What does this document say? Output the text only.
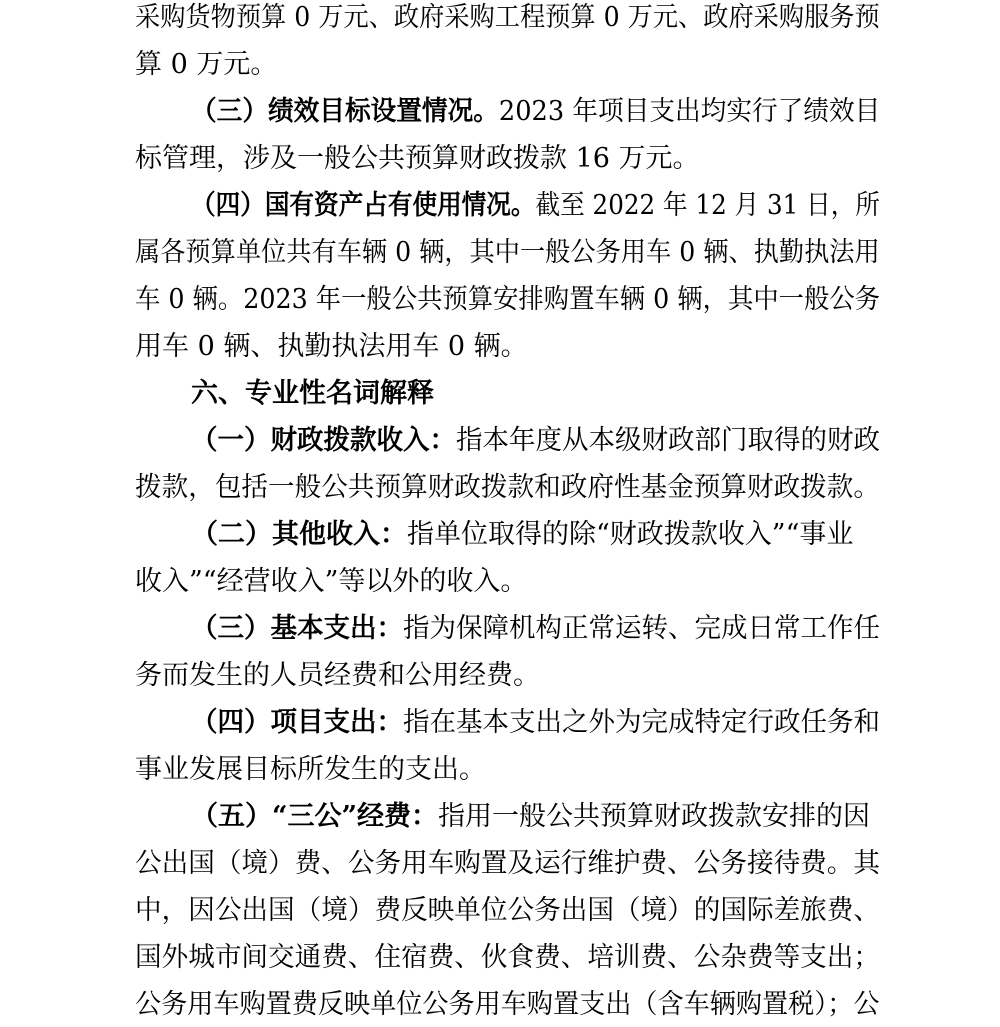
采购货物预算 0 万元、政府采购工程预算 0 万元、政府采购服务预
算 0 万元。
（三）绩效目标设置情况。2023 年项目支出均实行了绩效目
标管理，涉及一般公共预算财政拨款 16 万元。
（四）国有资产占有使用情况。截至 2022 年 12 月 31 日，所
属各预算单位共有车辆 0 辆，其中一般公务用车 0 辆、执勤执法用
车 0 辆。2023 年一般公共预算安排购置车辆 0 辆，其中一般公务
用车 0 辆、执勤执法用车 0 辆。
六、专业性名词解释
（一）财政拨款收入：指本年度从本级财政部门取得的财政
拨款，包括一般公共预算财政拨款和政府性基金预算财政拨款。
（二）其他收入：指单位取得的除“财政拨款收入”“事业
收入”“经营收入”等以外的收入。
（三）基本支出：指为保障机构正常运转、完成日常工作任
务而发生的人员经费和公用经费。
（四）项目支出：指在基本支出之外为完成特定行政任务和
事业发展目标所发生的支出。
（五）“三公”经费：指用一般公共预算财政拨款安排的因
公出国（境）费、公务用车购置及运行维护费、公务接待费。其
中，因公出国（境）费反映单位公务出国（境）的国际差旅费、
国外城市间交通费、住宿费、伙食费、培训费、公杂费等支出；
公务用车购置费反映单位公务用车购置支出（含车辆购置税）；公
